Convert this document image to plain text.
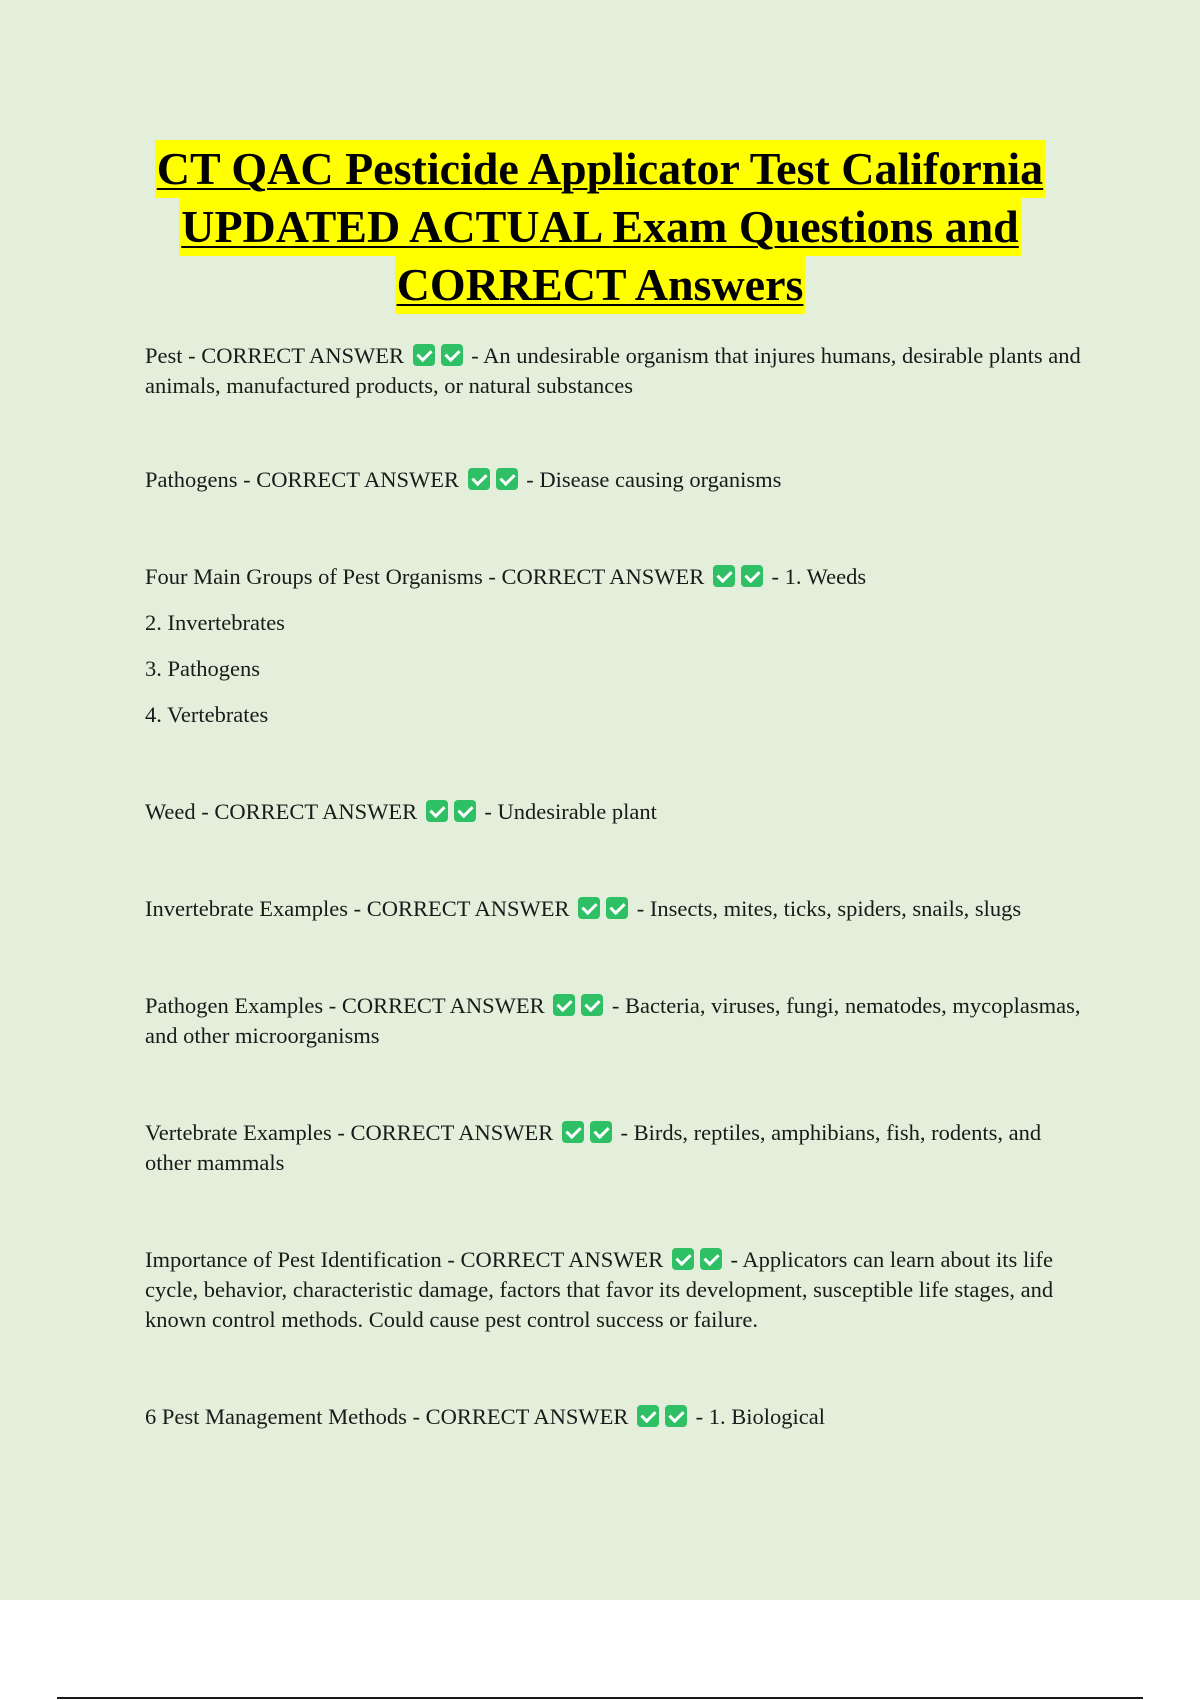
CT QAC Pesticide Applicator Test California
UPDATED ACTUAL Exam Questions and
CORRECT Answers

Pest - CORRECT ANSWER	- An undesirable organism that injures humans, desirable plants and animals, manufactured products, or natural substances

Pathogens - CORRECT ANSWER	- Disease causing organisms

Four Main Groups of Pest Organisms - CORRECT ANSWER	- 1. Weeds

2. Invertebrates

3. Pathogens

4. Vertebrates

Weed - CORRECT ANSWER	- Undesirable plant

Invertebrate Examples - CORRECT ANSWER	- Insects, mites, ticks, spiders, snails, slugs

Pathogen Examples - CORRECT ANSWER	- Bacteria, viruses, fungi, nematodes, mycoplasmas, and other microorganisms

Vertebrate Examples - CORRECT ANSWER	- Birds, reptiles, amphibians, fish, rodents, and other mammals

Importance of Pest Identification - CORRECT ANSWER	- Applicators can learn about its life cycle, behavior, characteristic damage, factors that favor its development, susceptible life stages, and known control methods. Could cause pest control success or failure.

6 Pest Management Methods - CORRECT ANSWER	- 1. Biological
